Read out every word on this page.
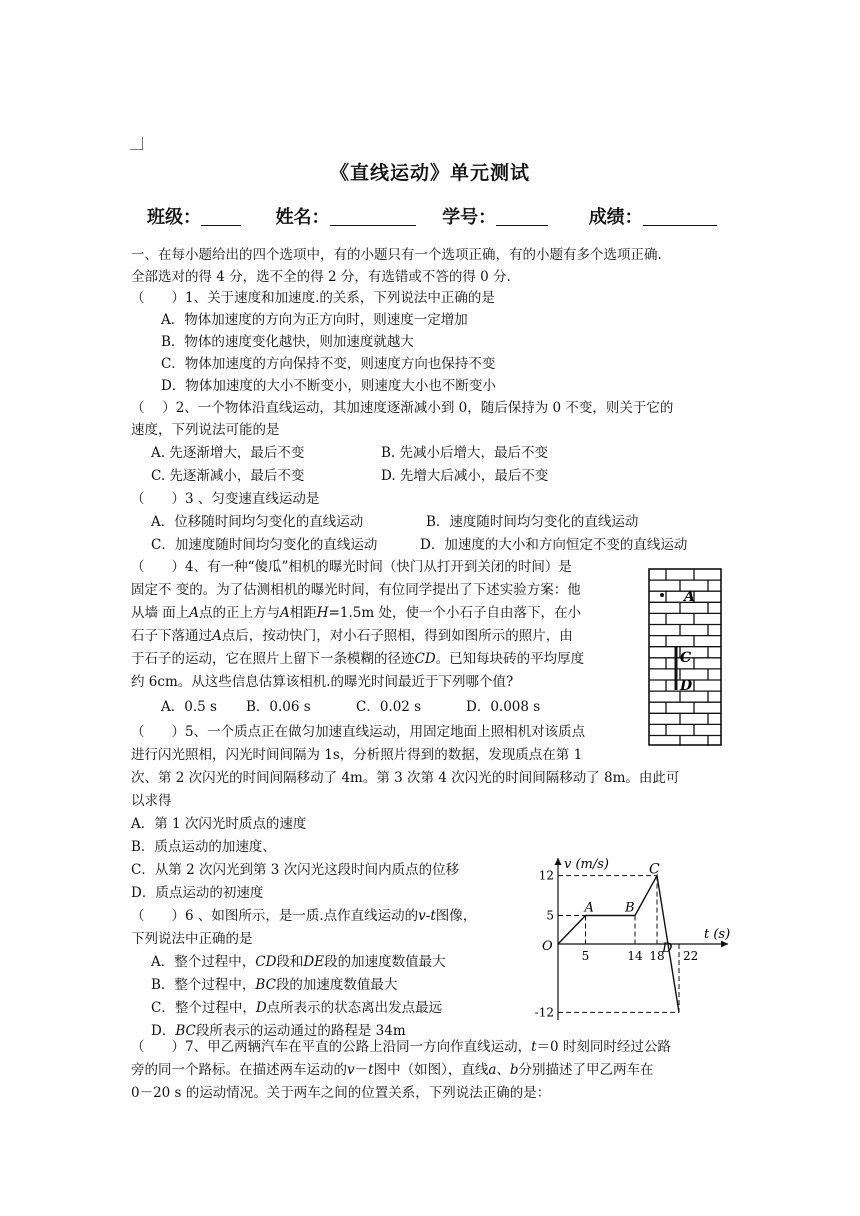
《直线运动》单元测试
班级：	姓名：	学号：	成绩：
一、在每小题给出的四个选项中，有的小题只有一个选项正确，有的小题有多个选项正确.
全部选对的得 4 分，选不全的得 2 分，有选错或不答的得 0 分.
（　　）1、关于速度和加速度.的关系，下列说法中正确的是
A．物体加速度的方向为正方向时，则速度一定增加
B．物体的速度变化越快，则加速度就越大
C．物体加速度的方向保持不变，则速度方向也保持不变
D．物体加速度的大小不断变小，则速度大小也不断变小
（　 ）2、一个物体沿直线运动，其加速度逐渐减小到 0，随后保持为 0 不变，则关于它的
速度，下列说法可能的是
A. 先逐渐增大，最后不变	B. 先减小后增大，最后不变
C. 先逐渐减小，最后不变	D. 先增大后减小，最后不变
（　　）3 、匀变速直线运动是
A．位移随时间均匀变化的直线运动	B．速度随时间均匀变化的直线运动
C．加速度随时间均匀变化的直线运动	D．加速度的大小和方向恒定不变的直线运动
（　　）4、有一种“傻瓜”相机的曝光时间（快门从打开到关闭的时间）是
固定不 变的。为了估测相机的曝光时间，有位同学提出了下述实验方案：他
从墙 面上A点的正上方与A相距H=1.5m 处，使一个小石子自由落下，在小
石子下落通过A点后，按动快门，对小石子照相，得到如图所示的照片，由
于石子的运动，它在照片上留下一条模糊的径迹CD。已知每块砖的平均厚度
约 6cm。从这些信息估算该相机.的曝光时间最近于下列哪个值?
A．0.5 s B．0.06 s	C．0.02 s	D．0.008 s
A
C
D
（　　）5、一个质点正在做匀加速直线运动，用固定地面上照相机对该质点
进行闪光照相，闪光时间间隔为 1s，分析照片得到的数据，发现质点在第 1
次、第 2 次闪光的时间间隔移动了 4m。第 3 次第 4 次闪光的时间间隔移动了 8m。由此可
以求得
A．第 1 次闪光时质点的速度
B．质点运动的加速度、
C．从第 2 次闪光到第 3 次闪光这段时间内质点的位移
D．质点运动的初速度
（　　）6 、如图所示，是一质.点作直线运动的v-t图像，
下列说法中正确的是
A．整个过程中，CD段和DE段的加速度数值最大
B．整个过程中，BC段的加速度数值最大
C．整个过程中，D点所表示的状态离出发点最远
D．BC段所表示的运动通过的路程是 34m
v (m/s)
t (s)
12
5
-12
5	14 18 22
O
A B
C
D
（　　）7、甲乙两辆汽车在平直的公路上沿同一方向作直线运动，t＝0 时刻同时经过公路
旁的同一个路标。在描述两车运动的v－t图中（如图），直线a、b分别描述了甲乙两车在
0－20 s 的运动情况。关于两车之间的位置关系，下列说法正确的是：
